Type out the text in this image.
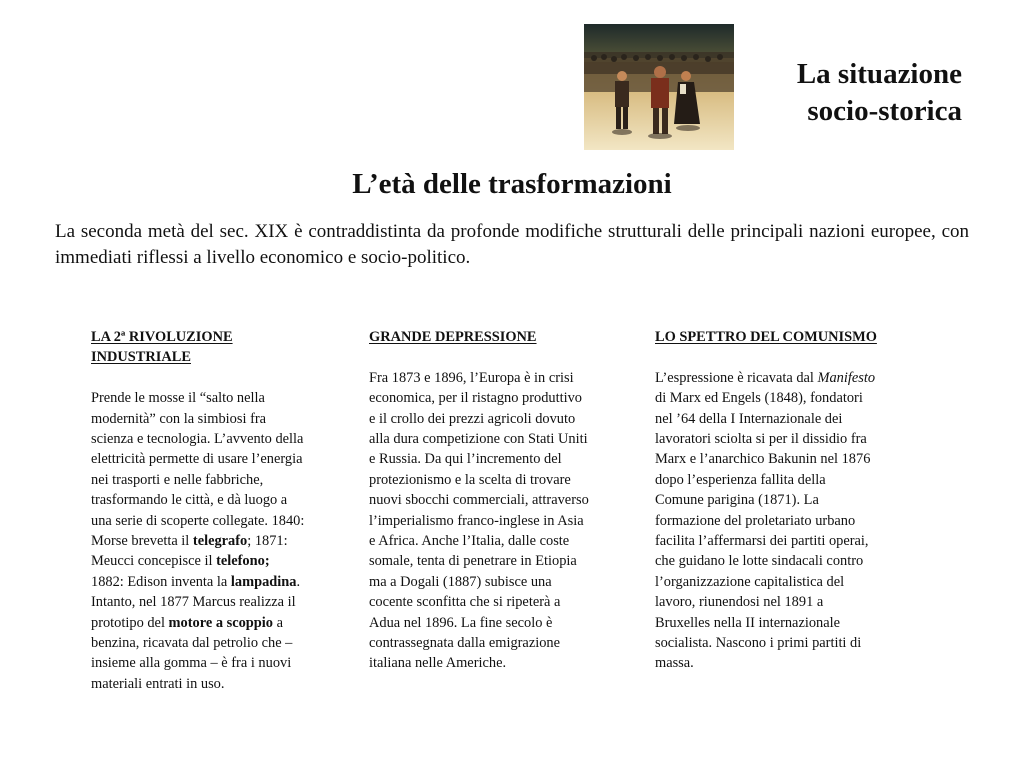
La situazione
socio-storica
L’età delle trasformazioni
La seconda metà del sec. XIX è contraddistinta da profonde modifiche strutturali delle principali nazioni europee, con immediati riflessi a livello economico e socio-politico.

LA 2ª RIVOLUZIONE INDUSTRIALE

Prende le mosse il “salto nella modernità” con la simbiosi fra scienza e tecnologia. L’avvento della elettricità permette di usare l’energia nei trasporti e nelle fabbriche, trasformando le città, e dà luogo a una serie di scoperte collegate. 1840: Morse brevetta il telegrafo; 1871: Meucci concepisce il telefono; 1882: Edison inventa la lampadina. Intanto, nel 1877 Marcus realizza il prototipo del motore a scoppio a benzina, ricavata dal petrolio che – insieme alla gomma – è fra i nuovi materiali entrati in uso.

GRANDE DEPRESSIONE

Fra 1873 e 1896, l’Europa è in crisi economica, per il ristagno produttivo e il crollo dei prezzi agricoli dovuto alla dura competizione con Stati Uniti e Russia. Da qui l’incremento del protezionismo e la scelta di trovare nuovi sbocchi commerciali, attraverso l’imperialismo franco-inglese in Asia e Africa. Anche l’Italia, dalle coste somale, tenta di penetrare in Etiopia ma a Dogali (1887) subisce una cocente sconfitta che si ripeterà a Adua nel 1896. La fine secolo è contrassegnata dalla emigrazione italiana nelle Americhe.

LO SPETTRO DEL COMUNISMO

L’espressione è ricavata dal Manifesto di Marx ed Engels (1848), fondatori nel ’64 della I Internazionale dei lavoratori sciolta si per il dissidio fra Marx e l’anarchico Bakunin nel 1876 dopo l’esperienza fallita della Comune parigina (1871). La formazione del proletariato urbano facilita l’affermarsi dei partiti operai, che guidano le lotte sindacali contro l’organizzazione capitalistica del lavoro, riunendosi nel 1891 a Bruxelles nella II internazionale socialista. Nascono i primi partiti di massa.
